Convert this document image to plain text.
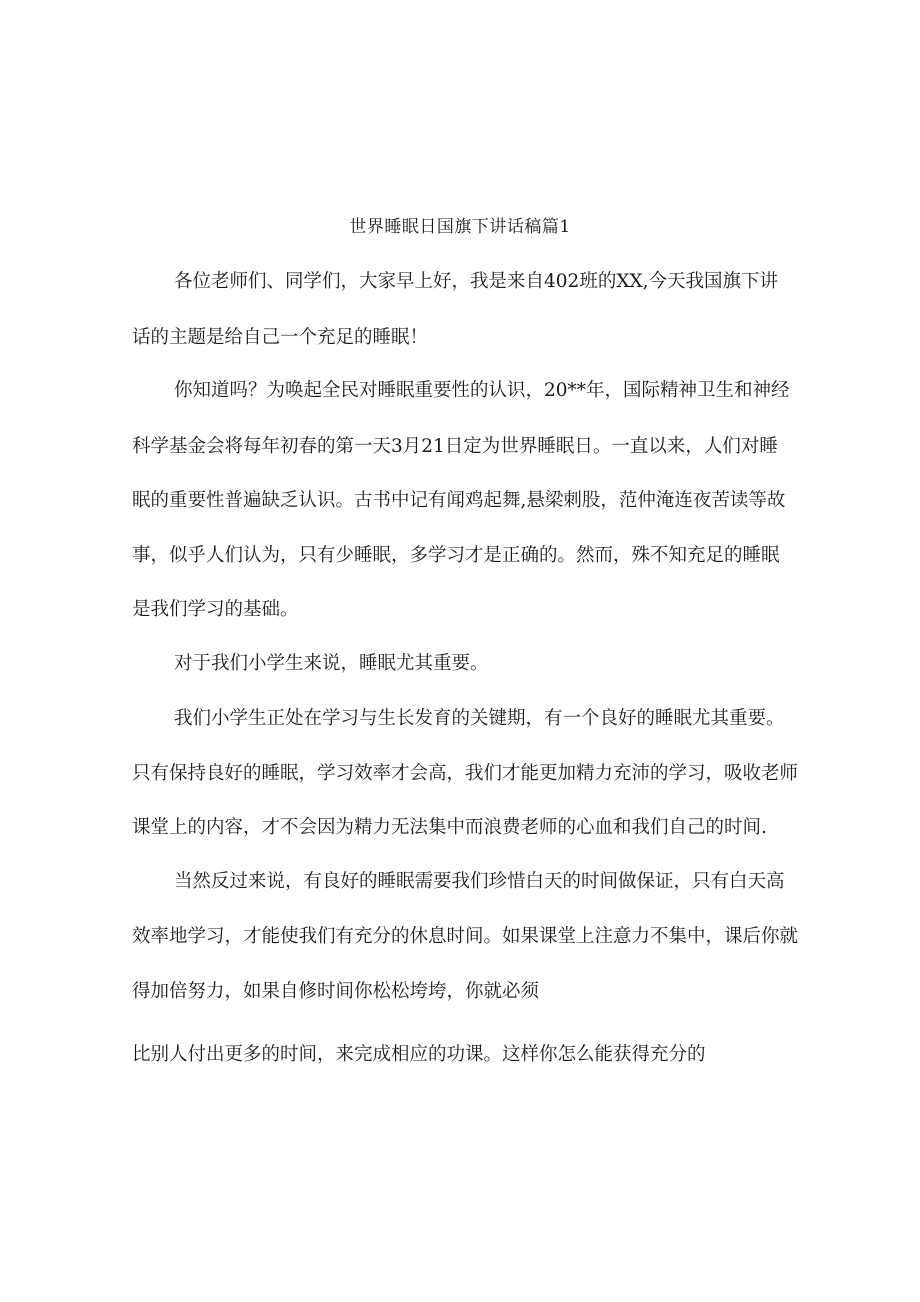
世界睡眠日国旗下讲话稿篇1

各位老师们、同学们，大家早上好，我是来自402班的XX,今天我国旗下讲

话的主题是给自己一个充足的睡眠！

你知道吗？为唤起全民对睡眠重要性的认识，20**年，国际精神卫生和神经

科学基金会将每年初春的第一天3月21日定为世界睡眠日。一直以来，人们对睡

眠的重要性普遍缺乏认识。古书中记有闻鸡起舞,悬梁刺股，范仲淹连夜苦读等故

事，似乎人们认为，只有少睡眠，多学习才是正确的。然而，殊不知充足的睡眠

是我们学习的基础。

对于我们小学生来说，睡眠尤其重要。

我们小学生正处在学习与生长发育的关键期，有一个良好的睡眠尤其重要。

只有保持良好的睡眠，学习效率才会高，我们才能更加精力充沛的学习，吸收老师

课堂上的内容，才不会因为精力无法集中而浪费老师的心血和我们自己的时间.

当然反过来说，有良好的睡眠需要我们珍惜白天的时间做保证，只有白天高

效率地学习，才能使我们有充分的休息时间。如果课堂上注意力不集中，课后你就

得加倍努力，如果自修时间你松松垮垮，你就必须

比别人付出更多的时间，来完成相应的功课。这样你怎么能获得充分的
